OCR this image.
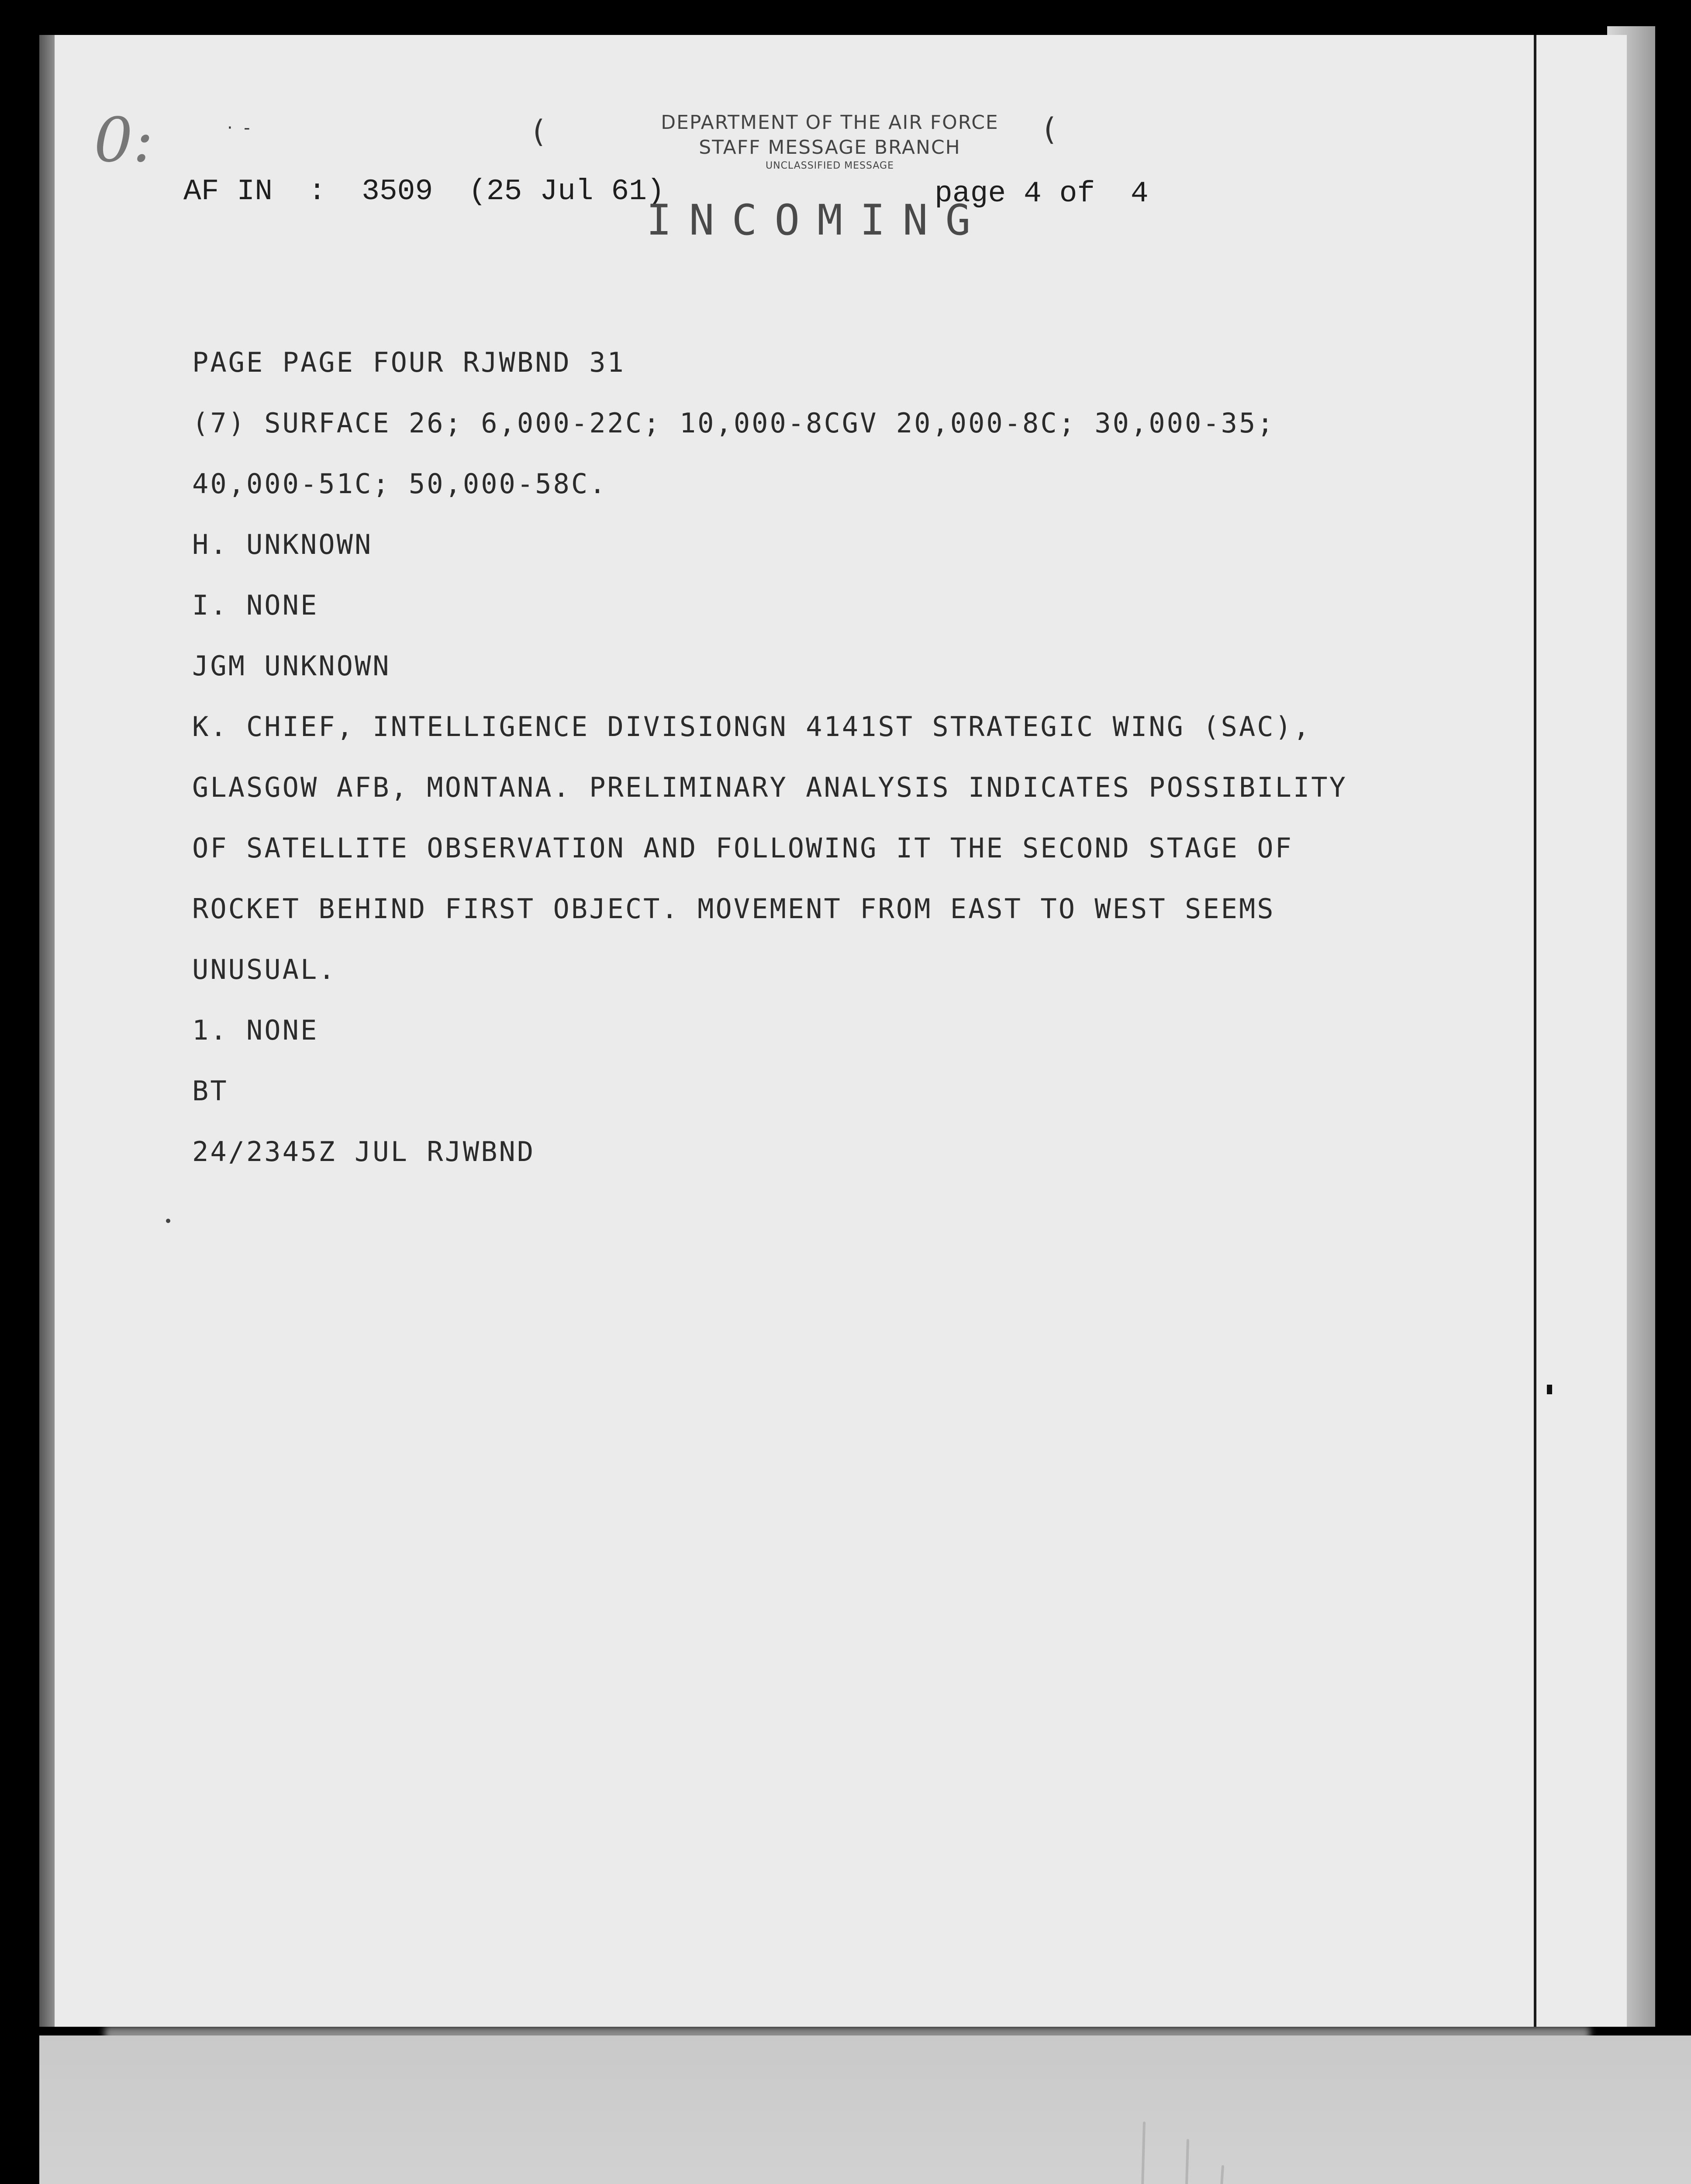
0:	·  -	(	(
DEPARTMENT OF THE AIR FORCE
STAFF MESSAGE BRANCH
UNCLASSIFIED MESSAGE
AF IN  :  3509  (25 Jul 61)	page 4 of  4
INCOMING
PAGE PAGE FOUR RJWBND 31
(7) SURFACE 26; 6,000-22C; 10,000-8CGV 20,000-8C; 30,000-35;
40,000-51C; 50,000-58C.
H. UNKNOWN
I. NONE
JGM UNKNOWN
K. CHIEF, INTELLIGENCE DIVISIONGN 4141ST STRATEGIC WING (SAC),
GLASGOW AFB, MONTANA. PRELIMINARY ANALYSIS INDICATES POSSIBILITY
OF SATELLITE OBSERVATION AND FOLLOWING IT THE SECOND STAGE OF
ROCKET BEHIND FIRST OBJECT. MOVEMENT FROM EAST TO WEST SEEMS
UNUSUAL.
1. NONE
BT
24/2345Z JUL RJWBND
